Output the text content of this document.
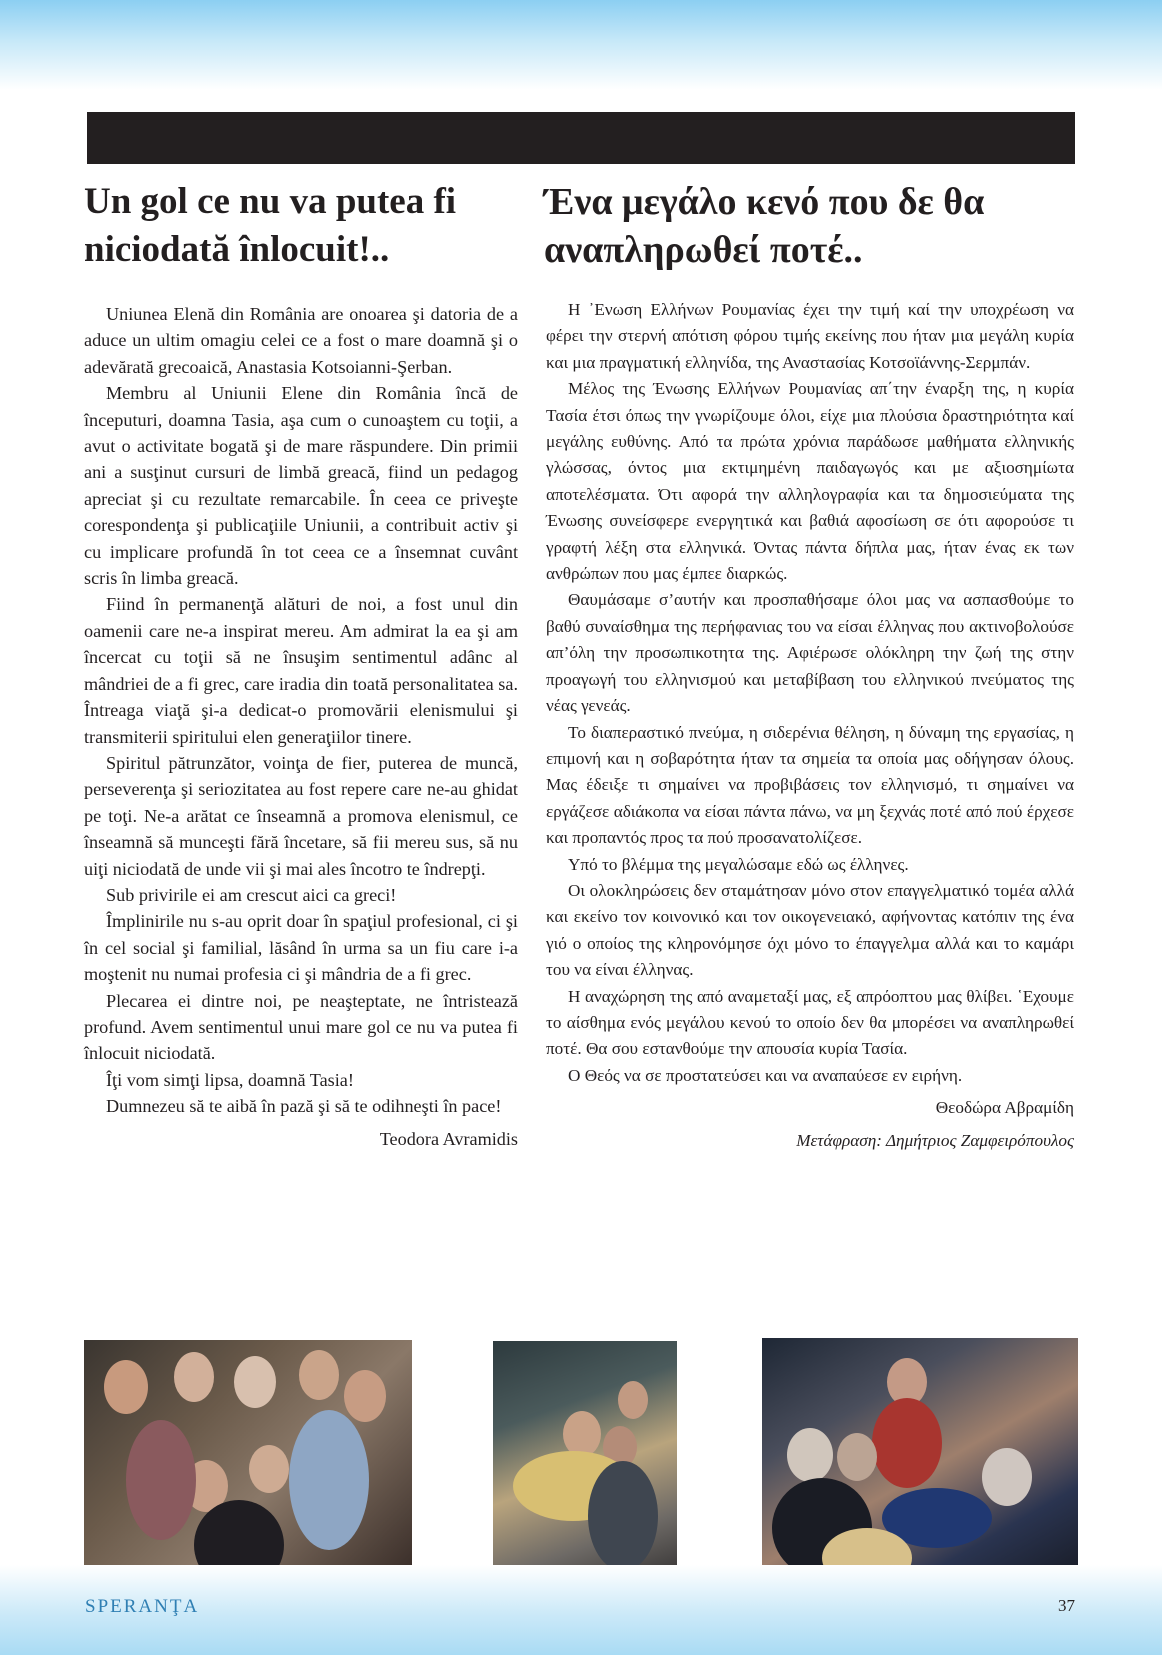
Un gol ce nu va putea fi niciodată înlocuit!..
Ένα μεγάλο κενό που δε θα αναπληρωθεί ποτέ..

Uniunea Elenă din România are onoarea şi datoria de a aduce un ultim omagiu celei ce a fost o mare doamnă şi o adevărată grecoaică, Anastasia Kotsoianni-Şerban.

Membru al Uniunii Elene din România încă de începuturi, doamna Tasia, aşa cum o cunoaştem cu toţii, a avut o activitate bogată şi de mare răspundere. Din primii ani a susţinut cursuri de limbă greacă, fiind un pedagog apreciat şi cu rezultate remarcabile. În ceea ce priveşte corespondenţa şi publicaţiile Uniunii, a contribuit activ şi cu implicare profundă în tot ceea ce a însemnat cuvânt scris în limba greacă.

Fiind în permanenţă alături de noi, a fost unul din oamenii care ne-a inspirat mereu. Am admirat la ea şi am încercat cu toţii să ne însuşim sentimentul adânc al mândriei de a fi grec, care iradia din toată personalitatea sa. Întreaga viaţă şi-a dedicat-o promovării elenismului şi transmiterii spiritului elen generaţiilor tinere.

Spiritul pătrunzător, voinţa de fier, puterea de muncă, perseverenţa şi seriozitatea au fost repere care ne-au ghidat pe toţi. Ne-a arătat ce înseamnă a promova elenismul, ce înseamnă să munceşti fără încetare, să fii mereu sus, să nu uiţi niciodată de unde vii şi mai ales încotro te îndrepţi.

Sub privirile ei am crescut aici ca greci!

Împlinirile nu s-au oprit doar în spaţiul profesional, ci şi în cel social şi familial, lăsând în urma sa un fiu care i-a moştenit nu numai profesia ci şi mândria de a fi grec.

Plecarea ei dintre noi, pe neaşteptate, ne întristează profund. Avem sentimentul unui mare gol ce nu va putea fi înlocuit niciodată.

Îţi vom simţi lipsa, doamnă Tasia!

Dumnezeu să te aibă în pază şi să te odihneşti în pace!

Teodora Avramidis

Η ᾿Ενωση Ελλήνων Ρουμανίας έχει την τιμή καί την υποχρέωση να φέρει την στερνή απότιση φόρου τιμής εκείνης που ήταν μια μεγάλη κυρία και μια πραγματική ελληνίδα, της Αναστασίας Κοτσοϊάννης-Σερμπάν.

Μέλος της Ένωσης Ελλήνων Ρουμανίας απ΄την έναρξη της, η κυρία Τασία έτσι όπως την γνωρίζουμε όλοι, είχε μια πλούσια δραστηριότητα καί μεγάλης ευθύνης. Από τα πρώτα χρόνια παράδωσε μαθήματα ελληνικής γλώσσας, όντος μια εκτιμημένη παιδαγωγός και με αξιοσημίωτα αποτελέσματα. Ότι αφορά την αλληλογραφία και τα δημοσιεύματα της Ένωσης συνείσφερε ενεργητικά και βαθιά αφοσίωση σε ότι αφορούσε τι γραφτή λέξη στα ελληνικά. Όντας πάντα δήπλα μας, ήταν ένας εκ των ανθρώπων που μας έμπεε διαρκώς.

Θαυμάσαμε σ’αυτήν και προσπαθήσαμε όλοι μας να ασπασθούμε το βαθύ συναίσθημα της περήφανιας του να είσαι έλληνας που ακτινοβολούσε απ’όλη την προσωπικοτητα της. Αφιέρωσε ολόκληρη την ζωή της στην προαγωγή του ελληνισμού και μεταβίβαση του ελληνικού πνεύματος της νέας γενεάς.

Το διαπεραστικό πνεύμα, η σιδερένια θέληση, η δύναμη της εργασίας, η επιμονή και η σοβαρότητα ήταν τα σημεία τα οποία μας οδήγησαν όλους. Μας έδειξε τι σημαίνει να προβιβάσεις τον ελληνισμό, τι σημαίνει να εργάζεσε αδιάκοπα να είσαι πάντα πάνω, να μη ξεχνάς ποτέ από πού έρχεσε και προπαντός προς τα πού προσανατολίζεσε.

Υπό το βλέμμα της μεγαλώσαμε εδώ ως έλληνες.

Οι ολοκληρώσεις δεν σταμάτησαν μόνο στον επαγγελματικό τομέα αλλά και εκείνο τον κοινονικό και τον οικογενειακό, αφήνοντας κατόπιν της ένα γιό ο οποίος της κληρονόμησε όχι μόνο το έπαγγελμα αλλά και το καμάρι του να είναι έλληνας.

Η αναχώρηση της από αναμεταξί μας, εξ απρόοπτου μας θλίβει. ῾Εχουμε το αίσθημα ενός μεγάλου κενού το οποίο δεν θα μπορέσει να αναπληρωθεί ποτέ. Θα σου εστανθούμε την απουσία κυρία Τασία.

Ο Θεός να σε προστατεύσει και να αναπαύεσε εν ειρήνη.

Θεοδώρα Αβραμίδη

Μετάφραση: Δημήτριος Ζαμφειρόπουλος

SPERANŢA	37
